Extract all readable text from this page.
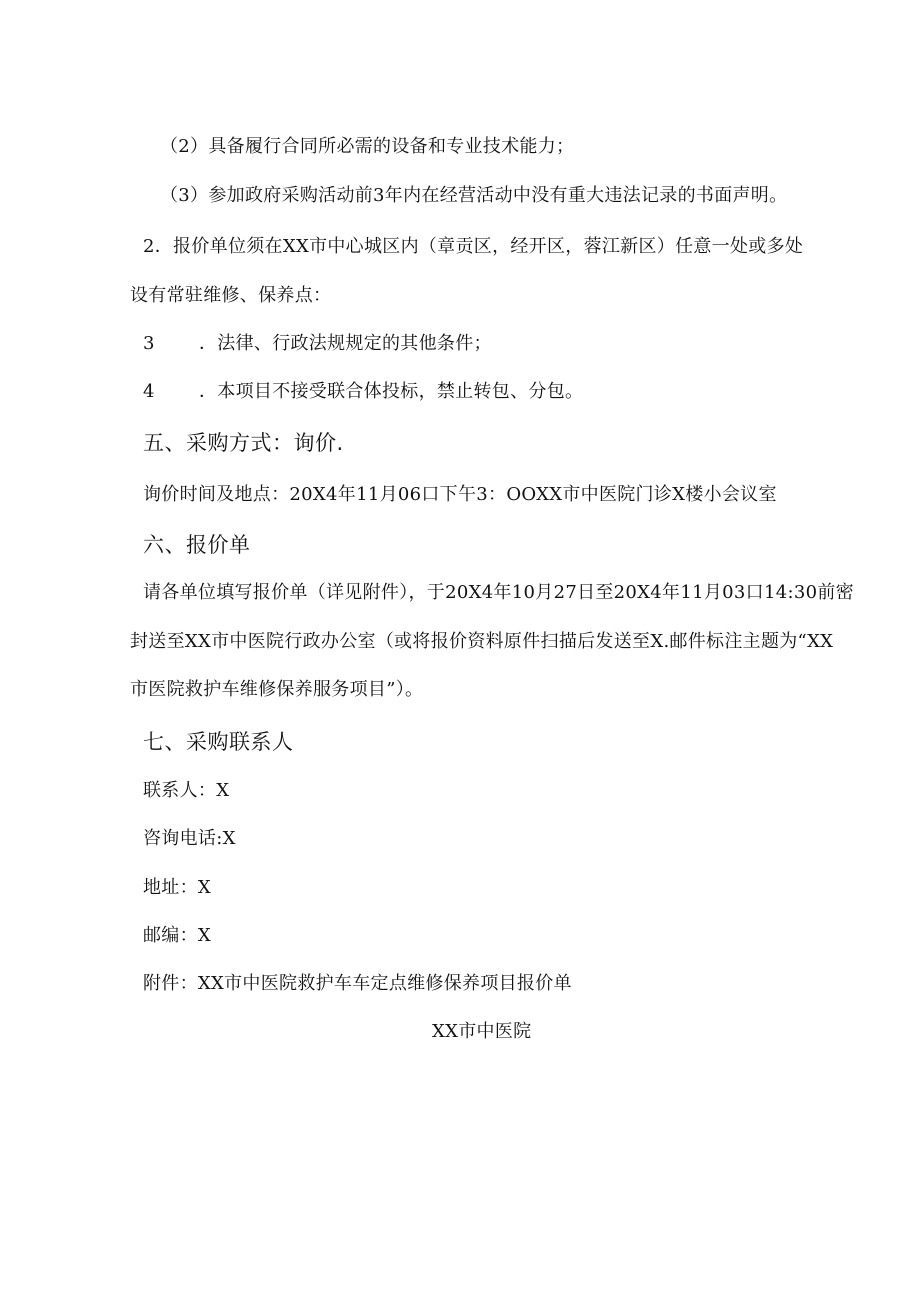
（2）具备履行合同所必需的设备和专业技术能力；
（3）参加政府采购活动前3年内在经营活动中没有重大违法记录的书面声明。
2．报价单位须在XX市中心城区内（章贡区，经开区，蓉江新区）任意一处或多处
设有常驻维修、保养点：
3 ．法律、行政法规规定的其他条件；
4 ．本项目不接受联合体投标，禁止转包、分包。
五、采购方式：询价.
询价时间及地点：20X4年11月06口下午3：OOXX市中医院门诊X楼小会议室
六、报价单
请各单位填写报价单（详见附件），于20X4年10月27日至20X4年11月03口14:30前密
封送至XX市中医院行政办公室（或将报价资料原件扫描后发送至X.邮件标注主题为“XX
市医院救护车维修保养服务项目”）。
七、采购联系人
联系人：X
咨询电话:X
地址：X
邮编：X
附件：XX市中医院救护车车定点维修保养项目报价单
XX市中医院
